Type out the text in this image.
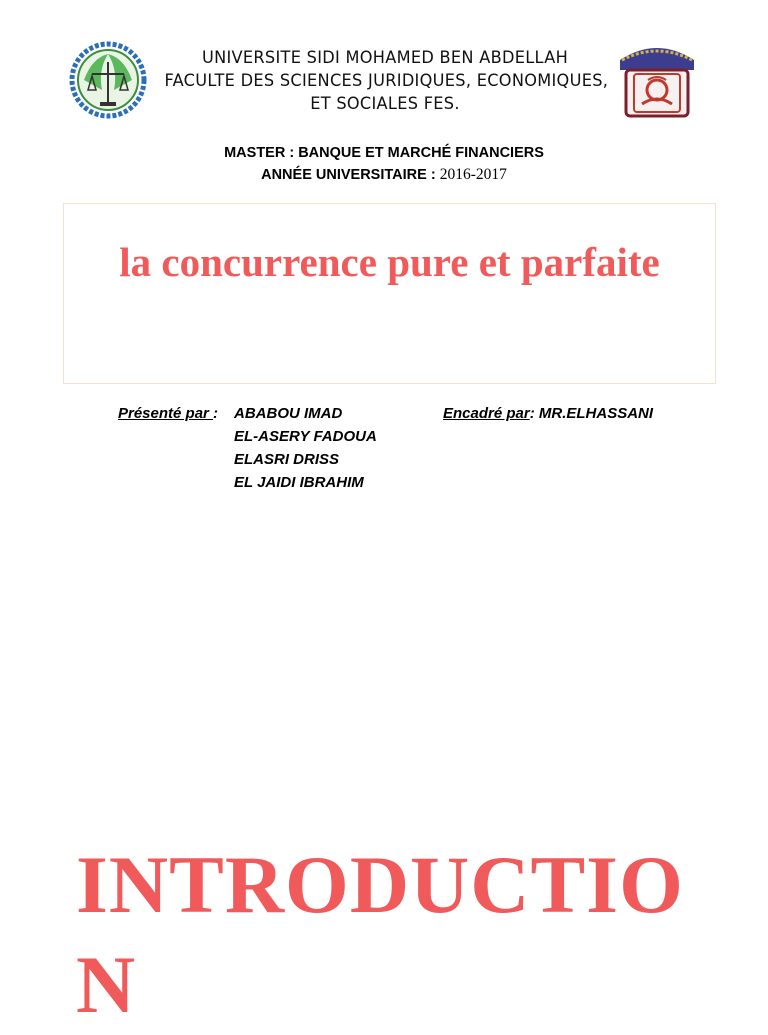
UNIVERSITE SIDI MOHAMED BEN ABDELLAH
FACULTE DES SCIENCES JURIDIQUES, ECONOMIQUES,
ET SOCIALES FES.
MASTER : BANQUE ET MARCHÉ FINANCIERS
ANNÉE UNIVERSITAIRE : 2016-2017
la concurrence pure et parfaite
Présenté par : ABABOU IMAD
EL-ASERY FADOUA
ELASRI DRISS
EL JAIDI IBRAHIM
Encadré par: MR.ELHASSANI
INTRODUCTION
